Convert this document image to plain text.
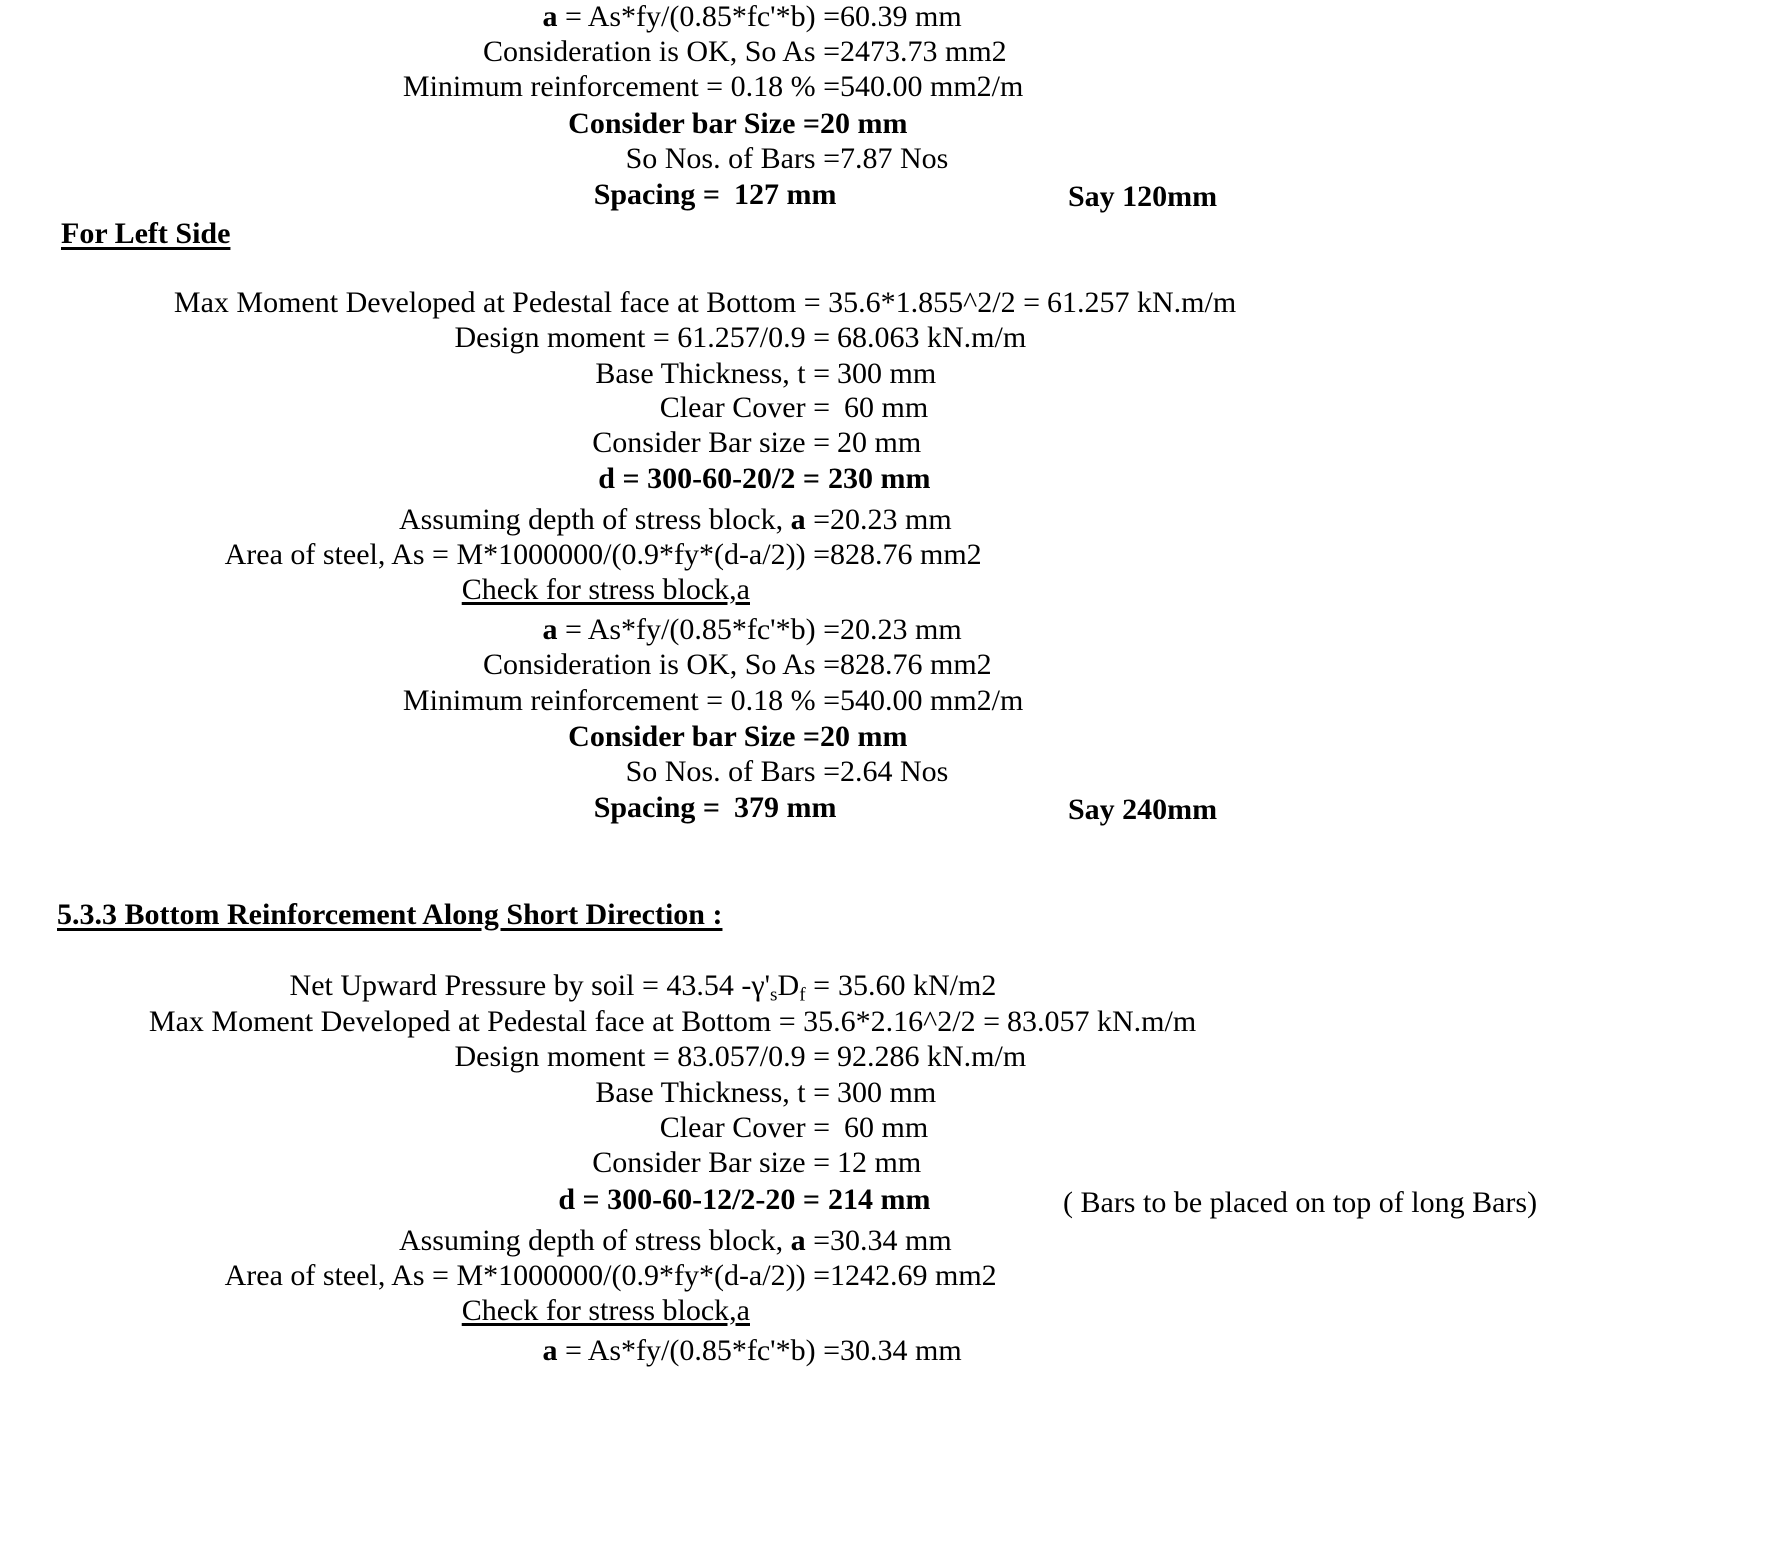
a = As*fy/(0.85*fc'*b) =60.39 mm
Consideration is OK, So As =2473.73 mm2
Minimum reinforcement = 0.18 % =540.00 mm2/m
Consider bar Size =20 mm
So Nos. of Bars =7.87 Nos
Spacing =127 mm	Say 120mm
For Left Side
Max Moment Developed at Pedestal face at Bottom = 35.6*1.855^2/2 = 61.257 kN.m/m
Design moment = 61.257/0.9 = 68.063 kN.m/m
Base Thickness, t =300 mm
Clear Cover =60 mm
Consider Bar size =20 mm
d = 300-60-20/2 = 230 mm
Assuming depth of stress block, a =20.23 mm
Area of steel, As = M*1000000/(0.9*fy*(d-a/2)) =828.76 mm2
Check for stress block,a
a = As*fy/(0.85*fc'*b) =20.23 mm
Consideration is OK, So As =828.76 mm2
Minimum reinforcement = 0.18 % =540.00 mm2/m
Consider bar Size =20 mm
So Nos. of Bars =2.64 Nos
Spacing =379 mm	Say 240mm
5.3.3 Bottom Reinforcement Along Short Direction :
Net Upward Pressure by soil = 43.54 $-\gamma'_sD_f = 35.60$ kN/m2
Max Moment Developed at Pedestal face at Bottom = 35.6*2.16^2/2 = 83.057 kN.m/m
Design moment = 83.057/0.9 = 92.286 kN.m/m
Base Thickness, t =300 mm
Clear Cover =60 mm
Consider Bar size =12 mm
d = 300-60-12/2-20 = 214 mm	( Bars to be placed on top of long Bars)
Assuming depth of stress block, a =30.34 mm
Area of steel, As = M*1000000/(0.9*fy*(d-a/2)) =1242.69 mm2
Check for stress block,a
a = As*fy/(0.85*fc'*b) =30.34 mm
